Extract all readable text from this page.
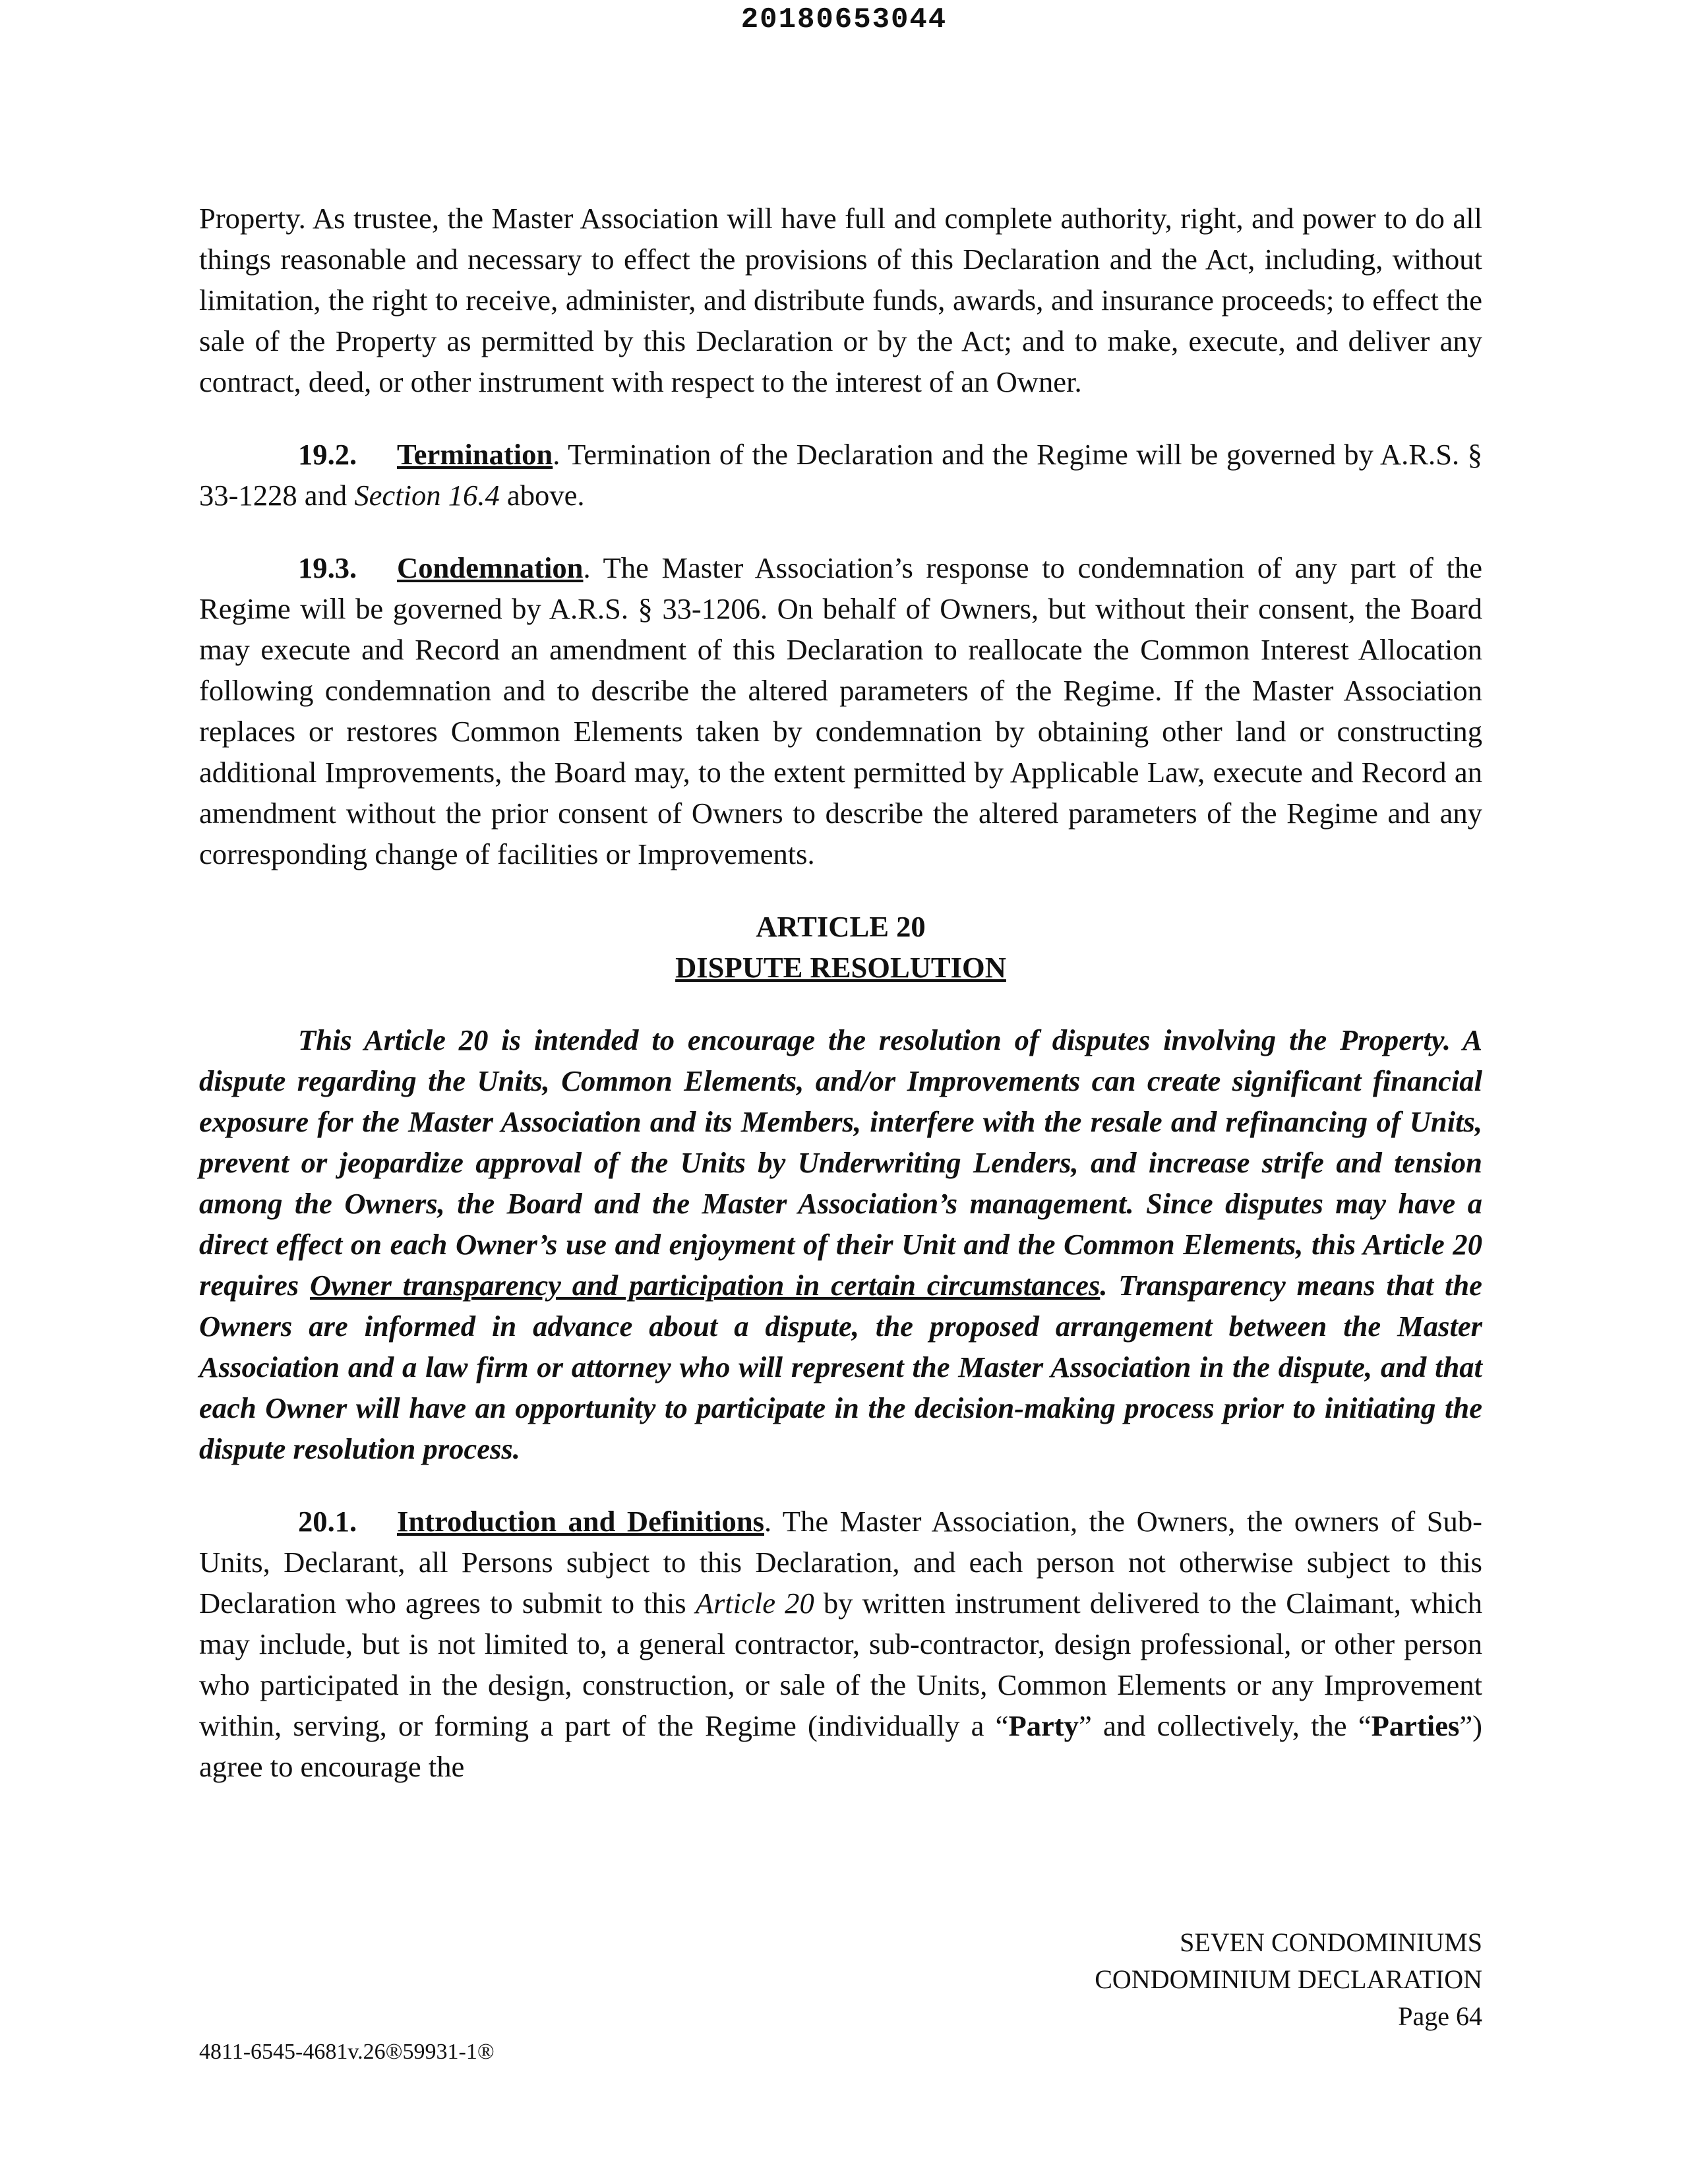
20180653044

Property. As trustee, the Master Association will have full and complete authority, right, and power to do all things reasonable and necessary to effect the provisions of this Declaration and the Act, including, without limitation, the right to receive, administer, and distribute funds, awards, and insurance proceeds; to effect the sale of the Property as permitted by this Declaration or by the Act; and to make, execute, and deliver any contract, deed, or other instrument with respect to the interest of an Owner.

19.2. Termination. Termination of the Declaration and the Regime will be governed by A.R.S. § 33-1228 and Section 16.4 above.

19.3. Condemnation. The Master Association’s response to condemnation of any part of the Regime will be governed by A.R.S. § 33-1206. On behalf of Owners, but without their consent, the Board may execute and Record an amendment of this Declaration to reallocate the Common Interest Allocation following condemnation and to describe the altered parameters of the Regime. If the Master Association replaces or restores Common Elements taken by condemnation by obtaining other land or constructing additional Improvements, the Board may, to the extent permitted by Applicable Law, execute and Record an amendment without the prior consent of Owners to describe the altered parameters of the Regime and any corresponding change of facilities or Improvements.

ARTICLE 20
DISPUTE RESOLUTION

This Article 20 is intended to encourage the resolution of disputes involving the Property. A dispute regarding the Units, Common Elements, and/or Improvements can create significant financial exposure for the Master Association and its Members, interfere with the resale and refinancing of Units, prevent or jeopardize approval of the Units by Underwriting Lenders, and increase strife and tension among the Owners, the Board and the Master Association’s management. Since disputes may have a direct effect on each Owner’s use and enjoyment of their Unit and the Common Elements, this Article 20 requires Owner transparency and participation in certain circumstances. Transparency means that the Owners are informed in advance about a dispute, the proposed arrangement between the Master Association and a law firm or attorney who will represent the Master Association in the dispute, and that each Owner will have an opportunity to participate in the decision-making process prior to initiating the dispute resolution process.

20.1. Introduction and Definitions. The Master Association, the Owners, the owners of Sub-Units, Declarant, all Persons subject to this Declaration, and each person not otherwise subject to this Declaration who agrees to submit to this Article 20 by written instrument delivered to the Claimant, which may include, but is not limited to, a general contractor, sub-contractor, design professional, or other person who participated in the design, construction, or sale of the Units, Common Elements or any Improvement within, serving, or forming a part of the Regime (individually a “Party” and collectively, the “Parties”) agree to encourage the

SEVEN CONDOMINIUMS
CONDOMINIUM DECLARATION
Page 64
4811-6545-4681v.26®59931-1®
